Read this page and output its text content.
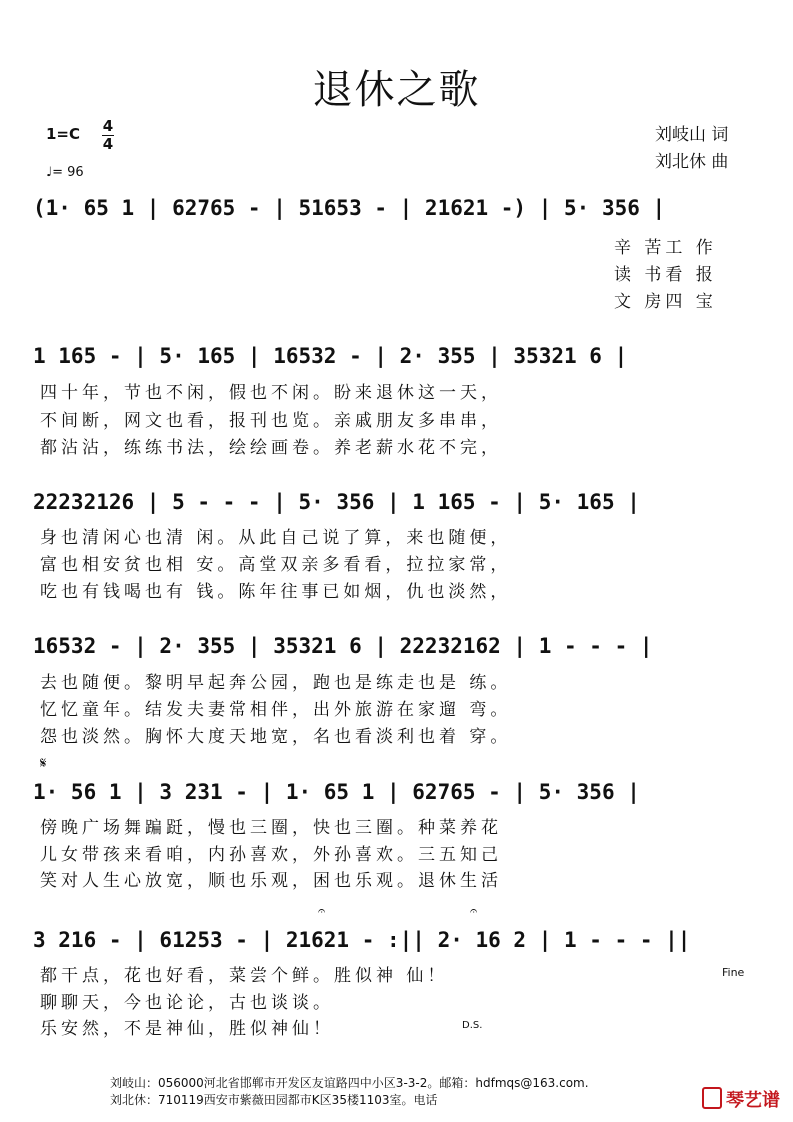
退休之歌
1=C 4
4
♩= 96
刘岐山 词
刘北休 曲
(1· 65 1 | 62765 - | 51653 - | 21621 -) | 5· 356 |
辛 苦工 作
读 书看 报
文 房四 宝
1 165 - | 5· 165 | 16532 - | 2· 355 | 35321 6 |
四十年，节也不闲，假也不闲。盼来退休这一天，
不间断，网文也看，报刊也览。亲戚朋友多串串，
都沾沾，练练书法，绘绘画卷。养老薪水花不完，
22232126 | 5 - - - | 5· 356 | 1 165 - | 5· 165 |
身也清闲心也清 闲。从此自己说了算，来也随便，
富也相安贫也相 安。高堂双亲多看看，拉拉家常，
吃也有钱喝也有 钱。陈年往事已如烟，仇也淡然，
16532 - | 2· 355 | 35321 6 | 22232162 | 1 - - - |
去也随便。黎明早起奔公园，跑也是练走也是 练。
忆忆童年。结发夫妻常相伴，出外旅游在家遛 弯。
怨也淡然。胸怀大度天地宽，名也看淡利也着 穿。
𝄋
1· 56 1 | 3 231 - | 1· 65 1 | 62765 - | 5· 356 |
傍晚广场舞蹁跹，慢也三圈，快也三圈。种菜养花
儿女带孩来看咱，内孙喜欢，外孙喜欢。三五知己
笑对人生心放宽，顺也乐观，困也乐观。退休生活
𝄐	𝄐
3 216 - | 61253 - | 21621 - :|| 2· 16 2 | 1 - - - ||
都干点，花也好看，菜尝个鲜。胜似神 仙！	Fine
聊聊天，今也论论，古也谈谈。
乐安然，不是神仙，胜似神仙！	D.S.
刘岐山：056000河北省邯郸市开发区友谊路四中小区3-3-2。邮箱：hdfmqs@163.com.
刘北休：710119西安市紫薇田园都市K区35楼1103室。电话	琴艺谱
